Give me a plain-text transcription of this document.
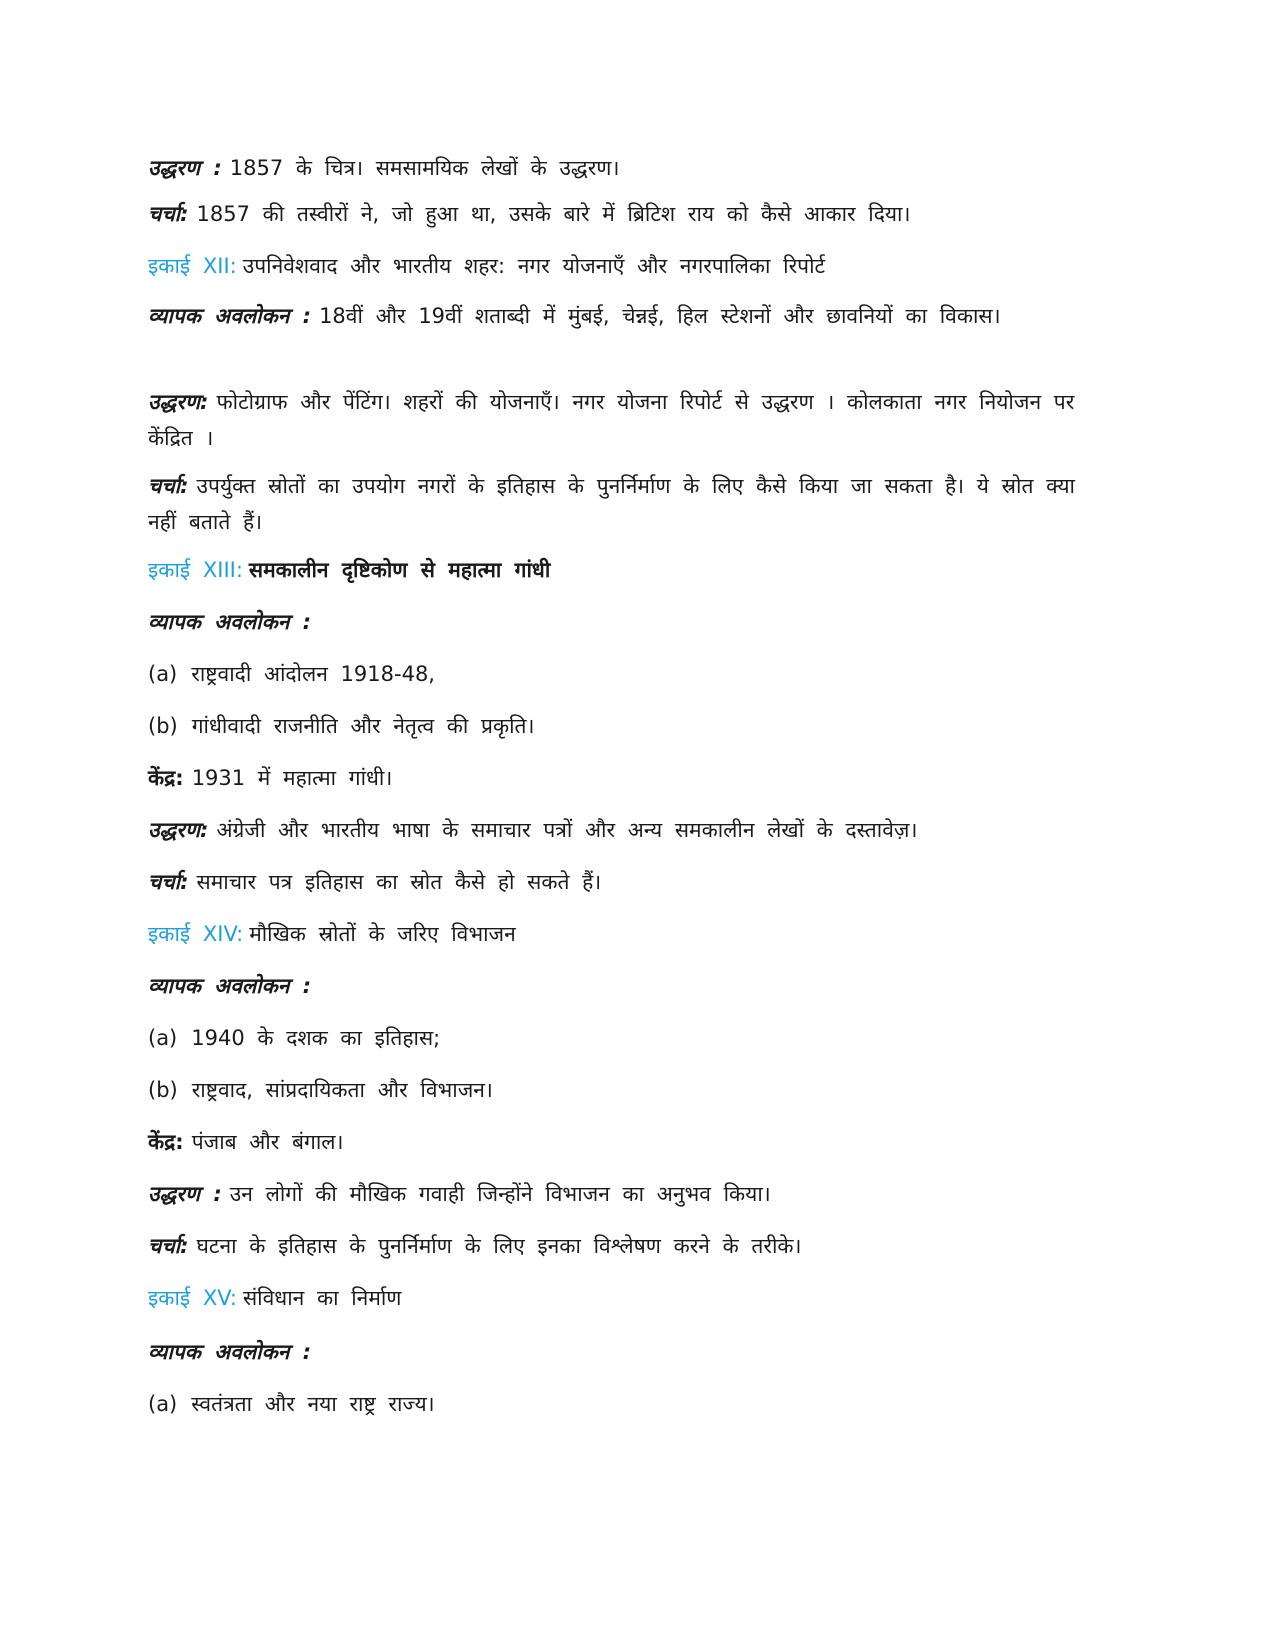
उद्धरण : 1857 के चित्र। समसामयिक लेखों के उद्धरण।
चर्चा: 1857 की तस्वीरों ने, जो हुआ था, उसके बारे में ब्रिटिश राय को कैसे आकार दिया।
इकाई XII: उपनिवेशवाद और भारतीय शहर: नगर योजनाएँ और नगरपालिका रिपोर्ट
व्यापक अवलोकन : 18वीं और 19वीं शताब्दी में मुंबई, चेन्नई, हिल स्टेशनों और छावनियों का विकास।
उद्धरण: फोटोग्राफ और पेंटिंग। शहरों की योजनाएँ। नगर योजना रिपोर्ट से उद्धरण । कोलकाता नगर नियोजन पर केंद्रित ।
चर्चा: उपर्युक्त स्रोतों का उपयोग नगरों के इतिहास के पुनर्निर्माण के लिए कैसे किया जा सकता है। ये स्रोत क्या नहीं बताते हैं।
इकाई XIII: समकालीन दृष्टिकोण से महात्मा गांधी
व्यापक अवलोकन :
(a) राष्ट्रवादी आंदोलन 1918-48,
(b) गांधीवादी राजनीति और नेतृत्व की प्रकृति।
केंद्र: 1931 में महात्मा गांधी।
उद्धरण: अंग्रेजी और भारतीय भाषा के समाचार पत्रों और अन्य समकालीन लेखों के दस्तावेज़।
चर्चा: समाचार पत्र इतिहास का स्रोत कैसे हो सकते हैं।
इकाई XIV: मौखिक स्रोतों के जरिए विभाजन
व्यापक अवलोकन :
(a) 1940 के दशक का इतिहास;
(b) राष्ट्रवाद, सांप्रदायिकता और विभाजन।
केंद्र: पंजाब और बंगाल।
उद्धरण : उन लोगों की मौखिक गवाही जिन्होंने विभाजन का अनुभव किया।
चर्चा: घटना के इतिहास के पुनर्निर्माण के लिए इनका विश्लेषण करने के तरीके।
इकाई XV: संविधान का निर्माण
व्यापक अवलोकन :
(a) स्वतंत्रता और नया राष्ट्र राज्य।
